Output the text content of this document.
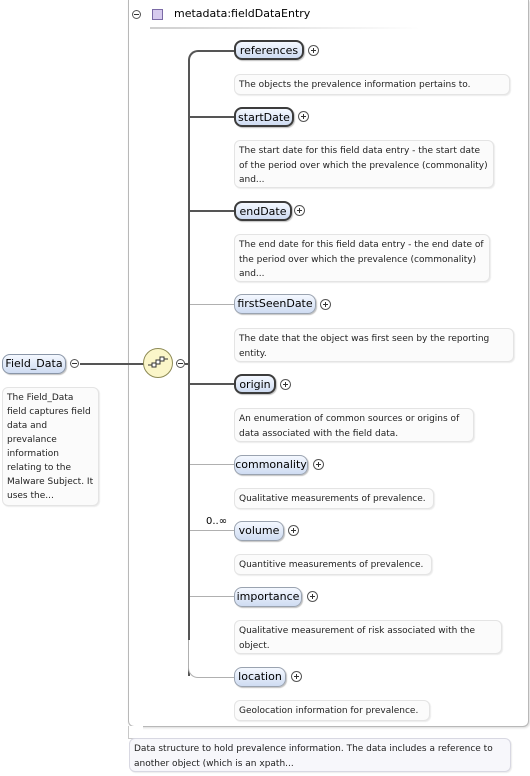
metadata:fieldDataEntry
Field_Data
The Field_Data field captures field data and prevalance information relating to the Malware Subject. It uses the...
references
The objects the prevalence information pertains to.
startDate
The start date for this field data entry - the start date of the period over which the prevalence (commonality) and...
endDate
The end date for this field data entry - the end date of the period over which the prevalence (commonality) and...
firstSeenDate
The date that the object was first seen by the reporting entity.
origin
An enumeration of common sources or origins of data associated with the field data.
commonality
Qualitative measurements of prevalence.
0..∞
volume
Quantitive measurements of prevalence.
importance
Qualitative measurement of risk associated with the object.
location
Geolocation information for prevalence.
Data structure to hold prevalence information. The data includes a reference to another object (which is an xpath...
